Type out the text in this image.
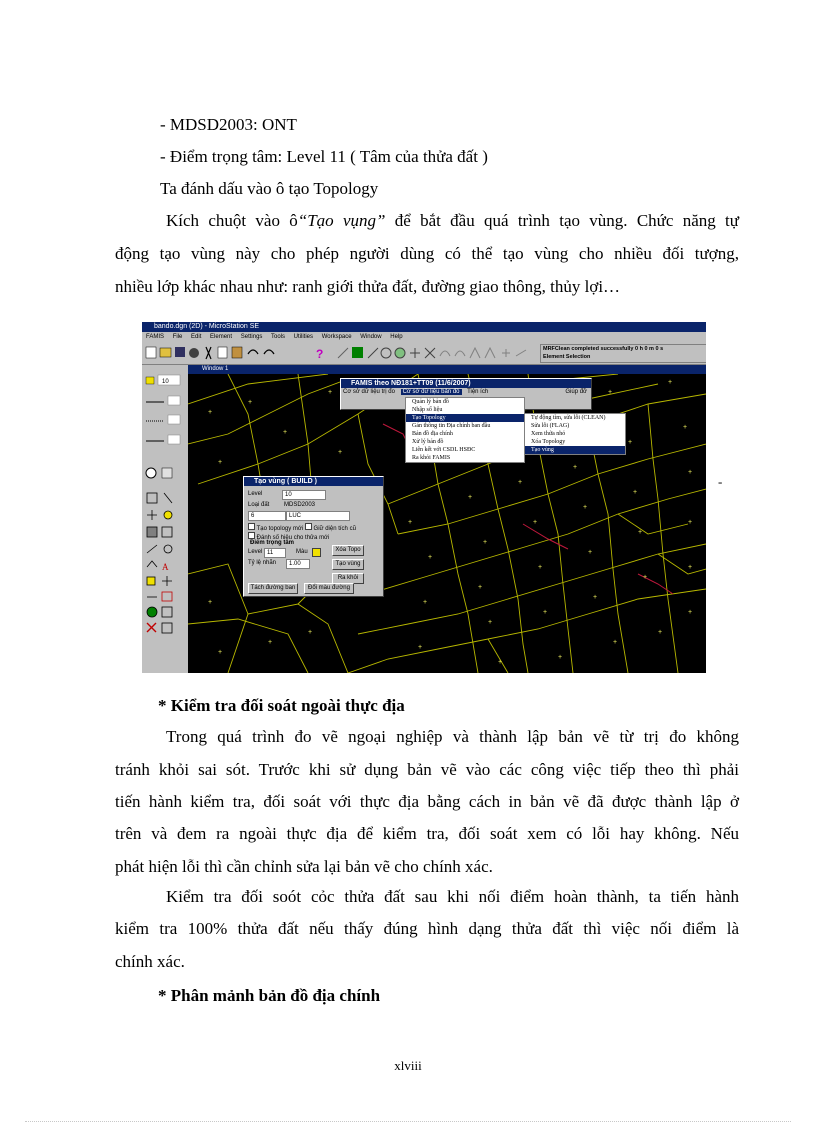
- MDSD2003: ONT
- Điểm trọng tâm: Level 11 ( Tâm của thửa đất )
Ta đánh dấu vào ô tạo Topology
Kích chuột vào ô“Tạo vụng” để bắt đầu quá trình tạo vùng. Chức năng tự
động tạo vùng này cho phép người dùng có thể tạo vùng cho nhiều đối tượng,
nhiều lớp khác nhau như: ranh giới thửa đất, đường giao thông, thủy lợi…
bando.dgn (2D) - MicroStation SE
FAMIS File Edit Element Settings Tools Utilities Workspace Window Help
?	MRFClean completed successfully 0 h 0 m 0 s
Element Selection
10
A
Window 1
+
+
+
+
+
+
+
+
+
+
+
+
+
+
+
+
+
+
+
+
+
+
+
+
+
+
+
+
+
+
+
+
+
+
+
+
+
+
+
+
+
FAMIS theo NĐ181+TT09 (11/6/2007)
Cơ sở dữ liệu trị đo Cơ sở dữ liệu bản đồ Tiện ích	Giúp đỡ
Quản lý bản đồ
Nhập số liệu
Tạo Topology
Gán thông tin Địa chính ban đầu
Bản đồ địa chính
Xử lý bản đồ
Liên kết với CSDL HSĐC
Ra khỏi FAMIS
Tự động tìm, sửa lỗi (CLEAN)
Sửa lỗi (FLAG)
Xem thửa nhỏ
Xóa Topology
Tạo vùng
Tạo vùng ( BUILD )
Level	10
Loại đất MDSD2003
6	LUC
Tạo topology mới Giữ diện tích cũ
Đánh số hiệu cho thửa mới
Điểm trọng tâm
Level 11	Màu
Tỷ lệ nhãn	1.00
Xóa Topo
Tạo vùng
Ra khỏi
Tách đường ban	Đổi màu đường
-
* Kiểm tra đối soát ngoài thực địa
Trong quá trình đo vẽ ngoại nghiệp và thành lập bản vẽ từ trị đo không
tránh khỏi sai sót. Trước khi sử dụng bản vẽ vào các công việc tiếp theo thì phải
tiến hành kiểm tra, đối soát với thực địa bằng cách in bản vẽ đã được thành lập ở
trên và đem ra ngoài thực địa để kiểm tra, đối soát xem có lỗi hay không. Nếu
phát hiện lỗi thì cần chỉnh sửa lại bản vẽ cho chính xác.
Kiểm tra đối soót cỏc thửa đất sau khi nối điểm hoàn thành, ta tiến hành
kiểm tra 100% thửa đất nếu thấy đúng hình dạng thửa đất thì việc nối điểm là
chính xác.
* Phân mảnh bản đồ địa chính
xlviii
